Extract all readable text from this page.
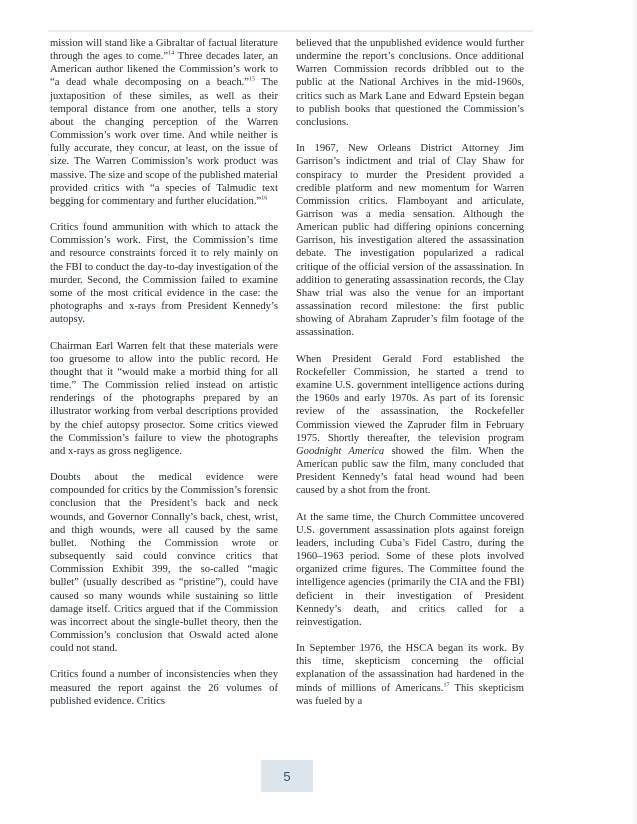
mission will stand like a Gibraltar of factual literature through the ages to come.”$^{14}$ Three decades later, an American author likened the Commission’s work to “a dead whale decomposing on a beach.”$^{15}$ The juxtaposition of these similes, as well as their temporal distance from one another, tells a story about the changing perception of the Warren Commission’s work over time. And while neither is fully accurate, they concur, at least, on the issue of size. The Warren Commission’s work product was massive. The size and scope of the published material provided critics with “a species of Talmudic text begging for commentary and further elucidation.”$^{16}$

Critics found ammunition with which to attack the Commission’s work. First, the Commission’s time and resource constraints forced it to rely mainly on the FBI to conduct the day-to-day investigation of the murder. Second, the Commission failed to examine some of the most critical evidence in the case: the photographs and x-rays from President Kennedy’s autopsy.

Chairman Earl Warren felt that these materials were too gruesome to allow into the public record. He thought that it “would make a morbid thing for all time.” The Commission relied instead on artistic renderings of the photographs prepared by an illustrator working from verbal descriptions provided by the chief autopsy prosector. Some critics viewed the Commission’s failure to view the photographs and x-rays as gross negligence.

Doubts about the medical evidence were compounded for critics by the Commission’s forensic conclusion that the President’s back and neck wounds, and Governor Connally’s back, chest, wrist, and thigh wounds, were all caused by the same bullet. Nothing the Commission wrote or subsequently said could convince critics that Commission Exhibit 399, the so-called “magic bullet” (usually described as “pristine”), could have caused so many wounds while sustaining so little damage itself. Critics argued that if the Commission was incorrect about the single-bullet theory, then the Commission’s conclusion that Oswald acted alone could not stand.

Critics found a number of inconsistencies when they measured the report against the 26 volumes of published evidence. Critics

believed that the unpublished evidence would further undermine the report’s conclusions. Once additional Warren Commission records dribbled out to the public at the National Archives in the mid-1960s, critics such as Mark Lane and Edward Epstein began to publish books that questioned the Commission’s conclusions.

In 1967, New Orleans District Attorney Jim Garrison’s indictment and trial of Clay Shaw for conspiracy to murder the President provided a credible platform and new momentum for Warren Commission critics. Flamboyant and articulate, Garrison was a media sensation. Although the American public had differing opinions concerning Garrison, his investigation altered the assassination debate. The investigation popularized a radical critique of the official version of the assassination. In addition to generating assassination records, the Clay Shaw trial was also the venue for an important assassination record milestone: the first public showing of Abraham Zapruder’s film footage of the assassination.

When President Gerald Ford established the Rockefeller Commission, he started a trend to examine U.S. government intelligence actions during the 1960s and early 1970s. As part of its forensic review of the assassination, the Rockefeller Commission viewed the Zapruder film in February 1975. Shortly thereafter, the television program Goodnight America showed the film. When the American public saw the film, many concluded that President Kennedy’s fatal head wound had been caused by a shot from the front.

At the same time, the Church Committee uncovered U.S. government assassination plots against foreign leaders, including Cuba’s Fidel Castro, during the 1960–1963 period. Some of these plots involved organized crime figures. The Committee found the intelligence agencies (primarily the CIA and the FBI) deficient in their investigation of President Kennedy’s death, and critics called for a reinvestigation.

In September 1976, the HSCA began its work. By this time, skepticism concerning the official explanation of the assassination had hardened in the minds of millions of Americans.$^{17}$ This skepticism was fueled by a

5
